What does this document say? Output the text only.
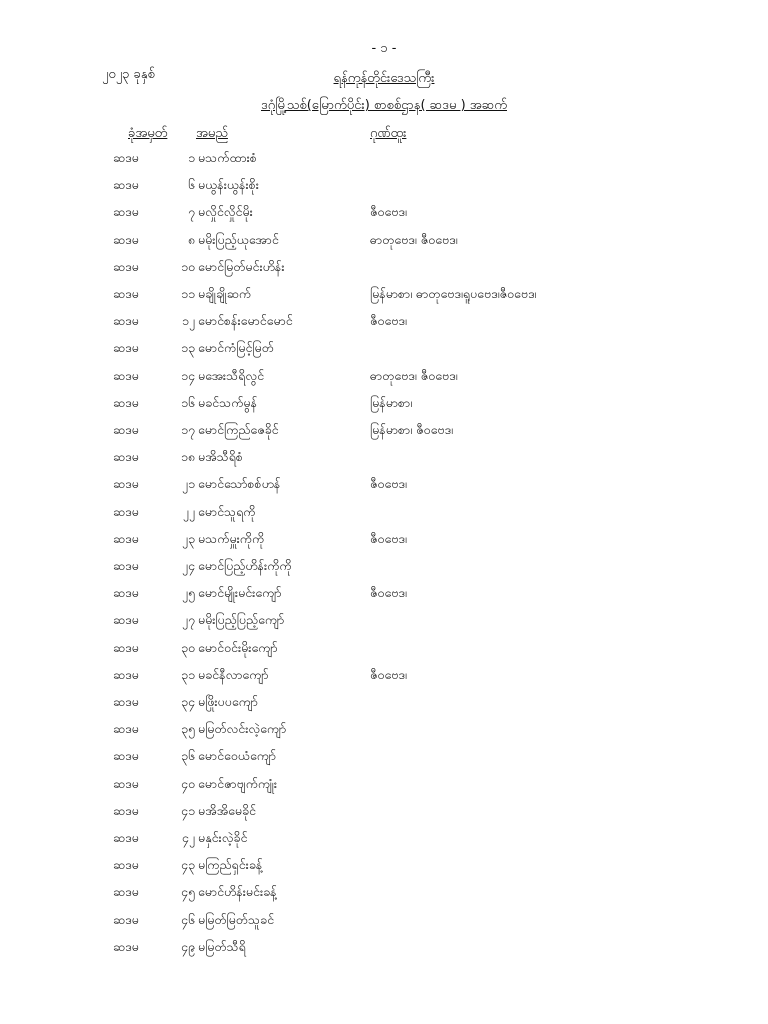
- ၁ -
၂၀၂၃ ခုနှစ်	ရန်ကုန်တိုင်းဒေသကြီး
ဒဂုံမြို့သစ်(မြောက်ပိုင်း) စာစစ်ဌာန( ဆဒမ ) အဆက်
ခုံအမှတ် အမည်	ဂုဏ်ထူး
ဆဒမ	၁ မသက်ထားစံ
ဆဒမ	၆ မယွန်းယွန်းစိုး
ဆဒမ	၇ မလှိုင်လှိုင်မိုး	ဇီဝဗေဒ၊
ဆဒမ	၈ မမိုးပြည့်ယုအောင်	ဓာတုဗေဒ၊ ဇီဝဗေဒ၊
ဆဒမ	၁၀ မောင်မြတ်မင်းဟိန်း
ဆဒမ	၁၁ မချိုချိုဆက်	မြန်မာစာ၊ ဓာတုဗေဒ၊ရူပဗေဒ၊ဇီဝဗေဒ၊
ဆဒမ	၁၂ မောင်စန်းမောင်မောင်	ဇီဝဗေဒ၊
ဆဒမ	၁၃ မောင်ကံမြင့်မြတ်
ဆဒမ	၁၄ မအေးသီရိလွင်	ဓာတုဗေဒ၊ ဇီဝဗေဒ၊
ဆဒမ	၁၆ မခင်သက်မွန်	မြန်မာစာ၊
ဆဒမ	၁၇ မောင်ကြည်ဇေခိုင်	မြန်မာစာ၊ ဇီဝဗေဒ၊
ဆဒမ	၁၈ မအိသီရိစံ
ဆဒမ	၂၁ မောင်သော်စစ်ဟန်	ဇီဝဗေဒ၊
ဆဒမ	၂၂ မောင်သူရကို
ဆဒမ	၂၃ မသက်မှူးကိုကို	ဇီဝဗေဒ၊
ဆဒမ	၂၄ မောင်ပြည့်ဟိန်းကိုကို
ဆဒမ	၂၅ မောင်မျိုးမင်းကျော်	ဇီဝဗေဒ၊
ဆဒမ	၂၇ မမိုးပြည့်ပြည့်ကျော်
ဆဒမ	၃၀ မောင်ဝင်းမိုးကျော်
ဆဒမ	၃၁ မခင်နီလာကျော်	ဇီဝဗေဒ၊
ဆဒမ	၃၄ မဖြိုးပပကျော်
ဆဒမ	၃၅ မမြတ်လင်းလဲ့ကျော်
ဆဒမ	၃၆ မောင်ဝေယံကျော်
ဆဒမ	၄၀ မောင်ဇာဗျက်ကျုံး
ဆဒမ	၄၁ မအိအိမေခိုင်
ဆဒမ	၄၂ မနှင်းလဲ့ခိုင်
ဆဒမ	၄၃ မကြည်ရှင်းခန့်
ဆဒမ	၄၅ မောင်ဟိန်းမင်းခန့်
ဆဒမ	၄၆ မမြတ်မြတ်သူခင်
ဆဒမ	၄၉ မမြတ်သီရိ
